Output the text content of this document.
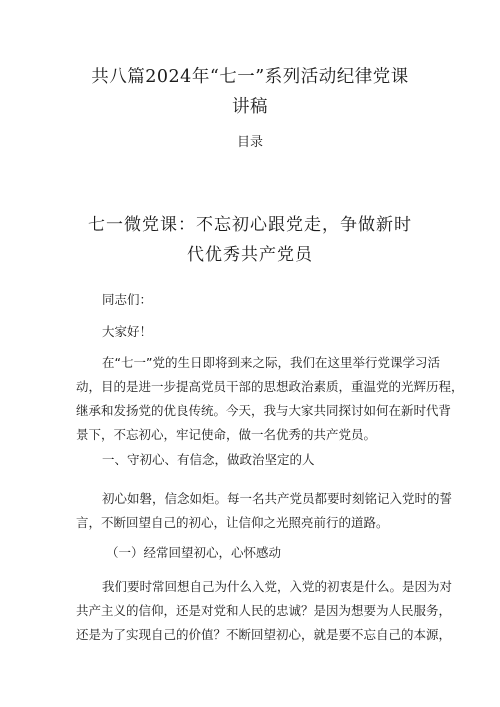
共八篇2024年“七一”系列活动纪律党课
讲稿
目录
七一微党课：不忘初心跟党走，争做新时
代优秀共产党员
同志们：
大家好！
在“七一”党的生日即将到来之际，我们在这里举行党课学习活
动，目的是进一步提高党员干部的思想政治素质，重温党的光辉历程，
继承和发扬党的优良传统。今天，我与大家共同探讨如何在新时代背
景下，不忘初心，牢记使命，做一名优秀的共产党员。
一、守初心、有信念，做政治坚定的人
初心如磐，信念如炬。每一名共产党员都要时刻铭记入党时的誓
言，不断回望自己的初心，让信仰之光照亮前行的道路。
（一）经常回望初心，心怀感动
我们要时常回想自己为什么入党，入党的初衷是什么。是因为对
共产主义的信仰，还是对党和人民的忠诚？是因为想要为人民服务，
还是为了实现自己的价值？不断回望初心，就是要不忘自己的本源，
